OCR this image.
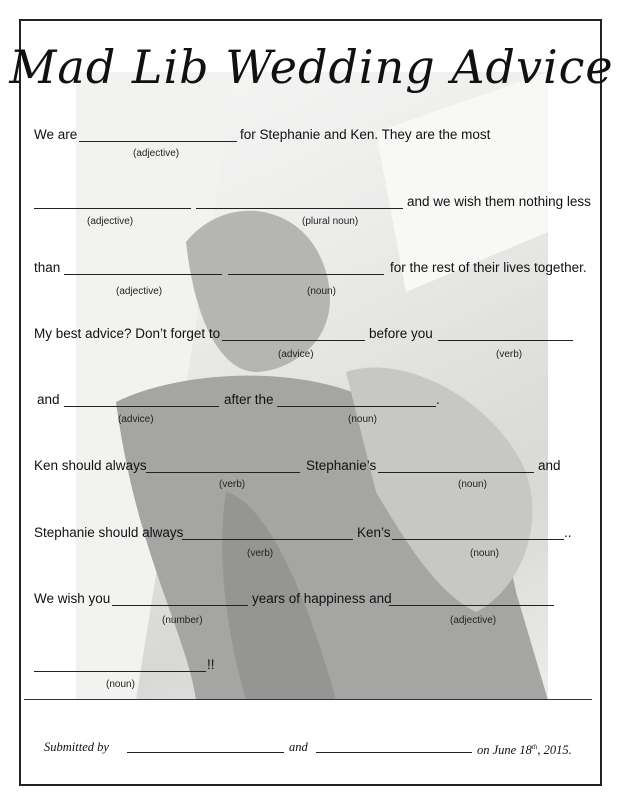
Mad Lib Wedding Advice
We are	for Stephanie and Ken. They are the most
(adjective)
and we wish them nothing less
(adjective)	(plural noun)
than	for the rest of their lives together.
(adjective)	(noun)
My best advice? Don’t forget to	before you
(advice)	(verb)
and	after the	.
(advice)	(noun)
Ken should always	Stephanie’s	and
(verb)	(noun)
Stephanie should always	Ken’s	..
(verb)	(noun)
We wish you	years of happiness and
(number)	(adjective)
!!
(noun)
Submitted by	and	on June 18th, 2015.
